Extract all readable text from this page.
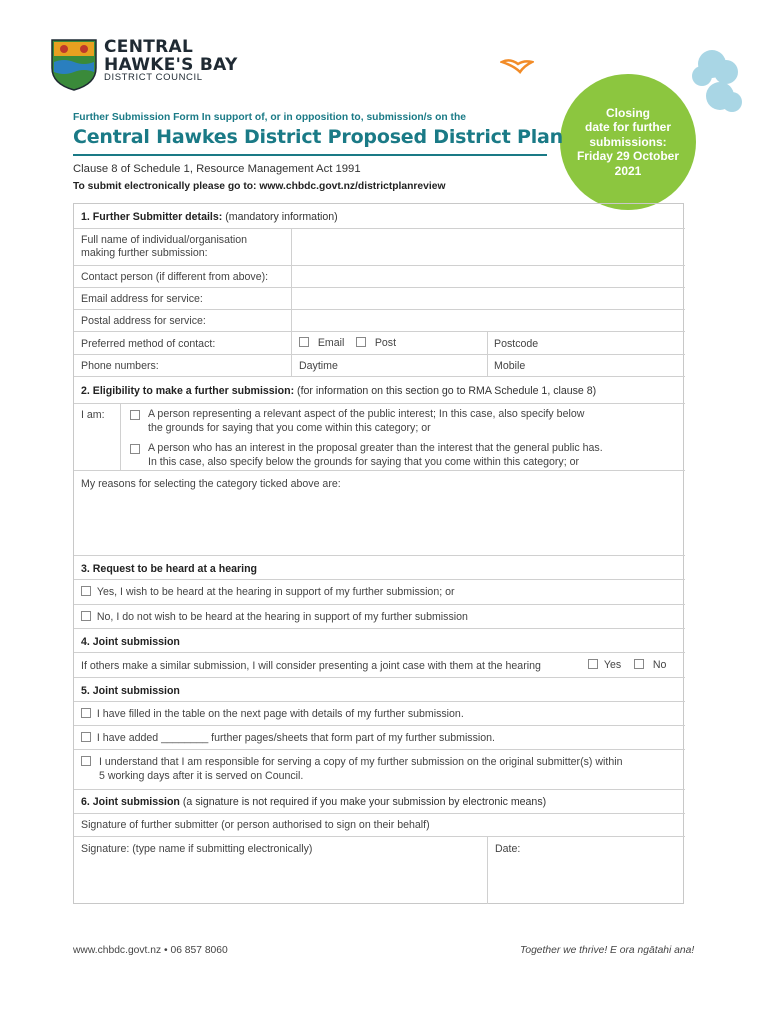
CENTRAL
HAWKE'S BAY
DISTRICT COUNCIL
Closing
date for further
submissions:
Friday 29 October
2021
Further Submission Form In support of, or in opposition to, submission/s on the
Central Hawkes District Proposed District Plan
Clause 8 of Schedule 1, Resource Management Act 1991
To submit electronically please go to: www.chbdc.govt.nz/districtplanreview
1. Further Submitter details: (mandatory information)
Full name of individual/organisation
making further submission:
Contact person (if different from above):
Email address for service:
Postal address for service:
Preferred method of contact:	Email	Post	Postcode
Phone numbers:	Daytime	Mobile
2. Eligibility to make a further submission: (for information on this section go to RMA Schedule 1, clause 8)
I am:	A person representing a relevant aspect of the public interest; In this case, also specify below
the grounds for saying that you come within this category; or
A person who has an interest in the proposal greater than the interest that the general public has.
In this case, also specify below the grounds for saying that you come within this category; or
My reasons for selecting the category ticked above are:
3. Request to be heard at a hearing
Yes, I wish to be heard at the hearing in support of my further submission; or
No, I do not wish to be heard at the hearing in support of my further submission
4. Joint submission
If others make a similar submission, I will consider presenting a joint case with them at the hearing	Yes	No
5. Joint submission
I have filled in the table on the next page with details of my further submission.
I have added ________ further pages/sheets that form part of my further submission.
I understand that I am responsible for serving a copy of my further submission on the original submitter(s) within
5 working days after it is served on Council.
6. Joint submission (a signature is not required if you make your submission by electronic means)
Signature of further submitter (or person authorised to sign on their behalf)
Signature: (type name if submitting electronically)	Date:
www.chbdc.govt.nz • 06 857 8060	Together we thrive! E ora ngātahi ana!
